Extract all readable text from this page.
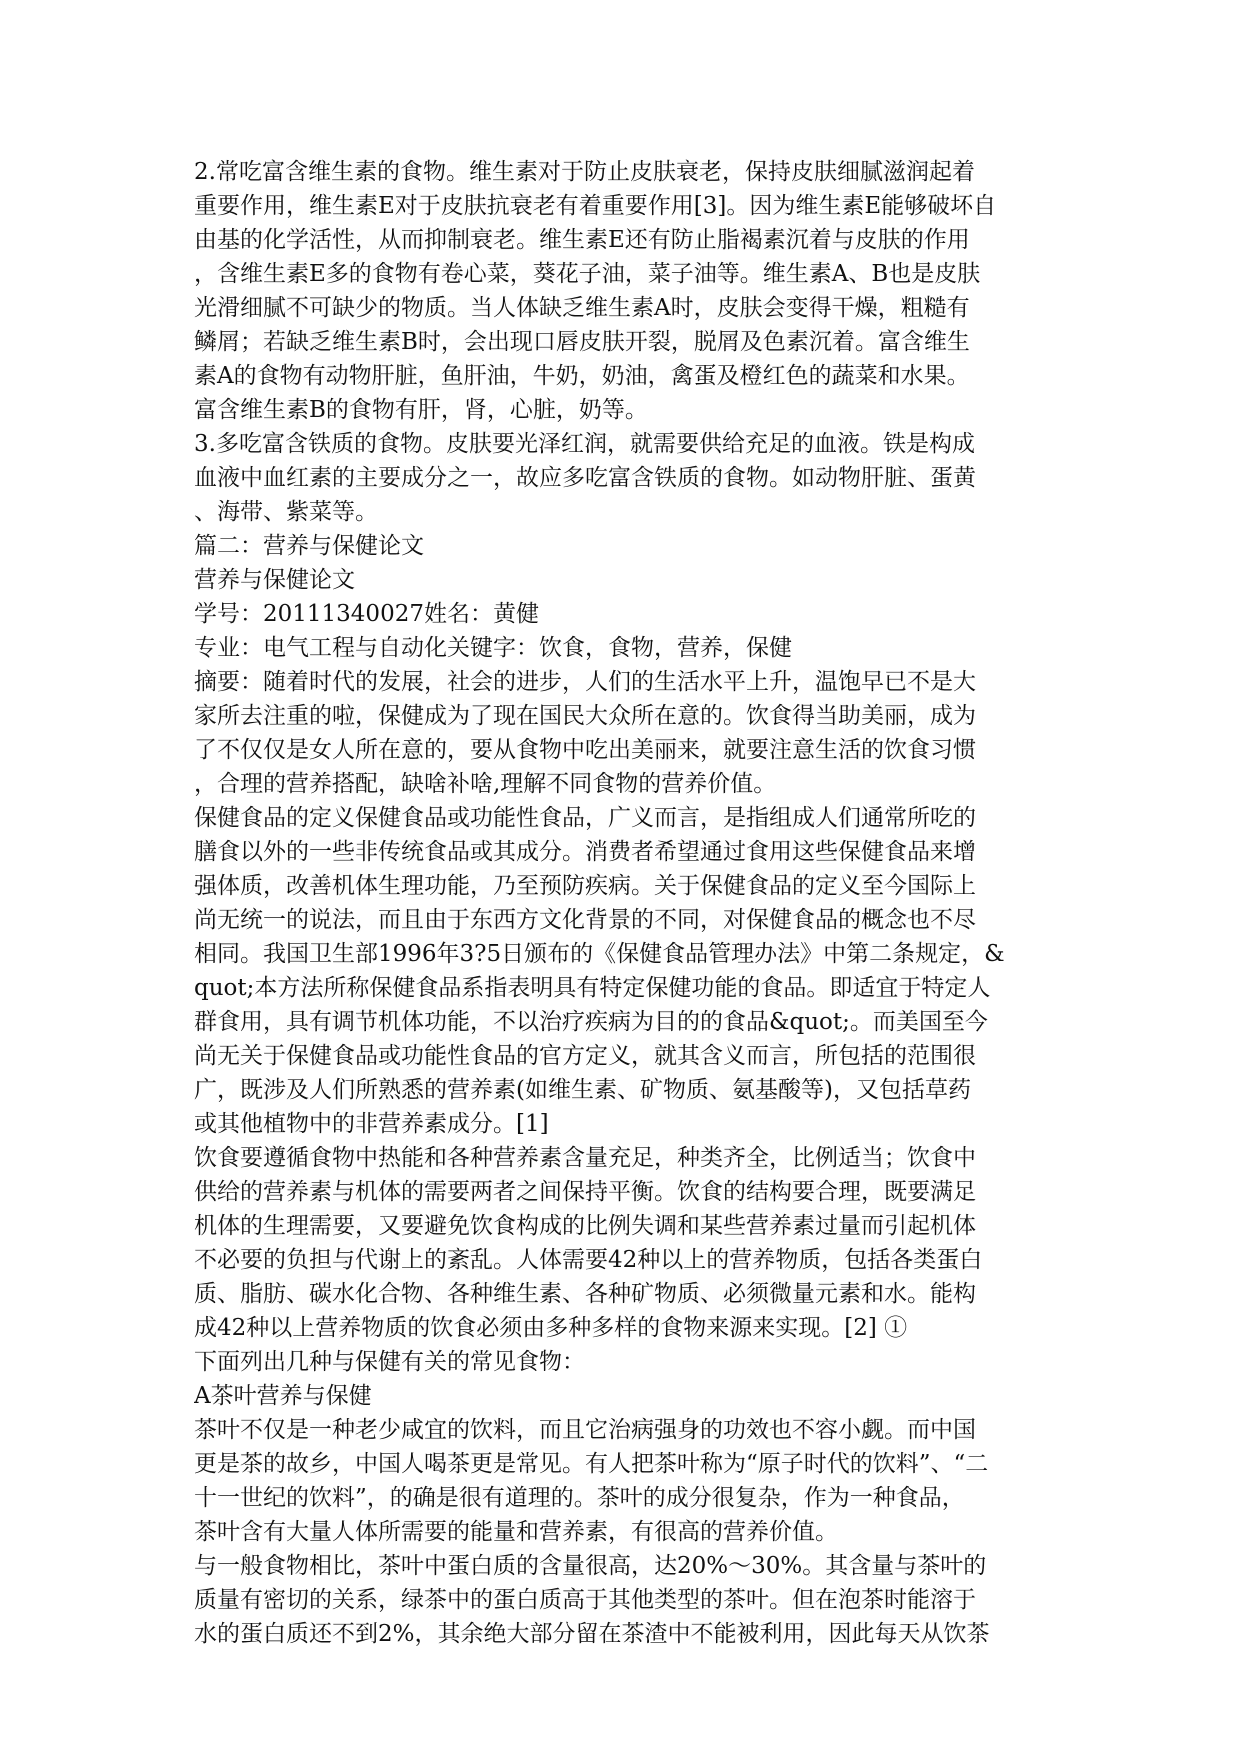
2.常吃富含维生素的食物。维生素对于防止皮肤衰老，保持皮肤细腻滋润起着
重要作用，维生素E对于皮肤抗衰老有着重要作用[3]。因为维生素E能够破坏自
由基的化学活性，从而抑制衰老。维生素E还有防止脂褐素沉着与皮肤的作用
，含维生素E多的食物有卷心菜，葵花子油，菜子油等。维生素A、B也是皮肤
光滑细腻不可缺少的物质。当人体缺乏维生素A时，皮肤会变得干燥，粗糙有
鳞屑；若缺乏维生素B时，会出现口唇皮肤开裂，脱屑及色素沉着。富含维生
素A的食物有动物肝脏，鱼肝油，牛奶，奶油，禽蛋及橙红色的蔬菜和水果。
富含维生素B的食物有肝，肾，心脏，奶等。
3.多吃富含铁质的食物。皮肤要光泽红润，就需要供给充足的血液。铁是构成
血液中血红素的主要成分之一，故应多吃富含铁质的食物。如动物肝脏、蛋黄
、海带、紫菜等。
篇二：营养与保健论文
营养与保健论文
学号：20111340027姓名：黄健
专业：电气工程与自动化关键字：饮食，食物，营养，保健
摘要：随着时代的发展，社会的进步，人们的生活水平上升，温饱早已不是大
家所去注重的啦，保健成为了现在国民大众所在意的。饮食得当助美丽，成为
了不仅仅是女人所在意的，要从食物中吃出美丽来，就要注意生活的饮食习惯
，合理的营养搭配，缺啥补啥,理解不同食物的营养价值。
保健食品的定义保健食品或功能性食品，广义而言，是指组成人们通常所吃的
膳食以外的一些非传统食品或其成分。消费者希望通过食用这些保健食品来增
强体质，改善机体生理功能，乃至预防疾病。关于保健食品的定义至今国际上
尚无统一的说法，而且由于东西方文化背景的不同，对保健食品的概念也不尽
相同。我国卫生部1996年3?5日颁布的《保健食品管理办法》中第二条规定，&
quot;本方法所称保健食品系指表明具有特定保健功能的食品。即适宜于特定人
群食用，具有调节机体功能，不以治疗疾病为目的的食品&quot;。而美国至今
尚无关于保健食品或功能性食品的官方定义，就其含义而言，所包括的范围很
广，既涉及人们所熟悉的营养素(如维生素、矿物质、氨基酸等)，又包括草药
或其他植物中的非营养素成分。[1]
饮食要遵循食物中热能和各种营养素含量充足，种类齐全，比例适当；饮食中
供给的营养素与机体的需要两者之间保持平衡。饮食的结构要合理，既要满足
机体的生理需要，又要避免饮食构成的比例失调和某些营养素过量而引起机体
不必要的负担与代谢上的紊乱。人体需要42种以上的营养物质，包括各类蛋白
质、脂肪、碳水化合物、各种维生素、各种矿物质、必须微量元素和水。能构
成42种以上营养物质的饮食必须由多种多样的食物来源来实现。[2] ①
下面列出几种与保健有关的常见食物：
A茶叶营养与保健
茶叶不仅是一种老少咸宜的饮料，而且它治病强身的功效也不容小觑。而中国
更是茶的故乡，中国人喝茶更是常见。有人把茶叶称为“原子时代的饮料”、“二
十一世纪的饮料”，的确是很有道理的。茶叶的成分很复杂，作为一种食品，
茶叶含有大量人体所需要的能量和营养素，有很高的营养价值。
与一般食物相比，茶叶中蛋白质的含量很高，达20%～30%。其含量与茶叶的
质量有密切的关系，绿茶中的蛋白质高于其他类型的茶叶。但在泡茶时能溶于
水的蛋白质还不到2%，其余绝大部分留在茶渣中不能被利用，因此每天从饮茶
